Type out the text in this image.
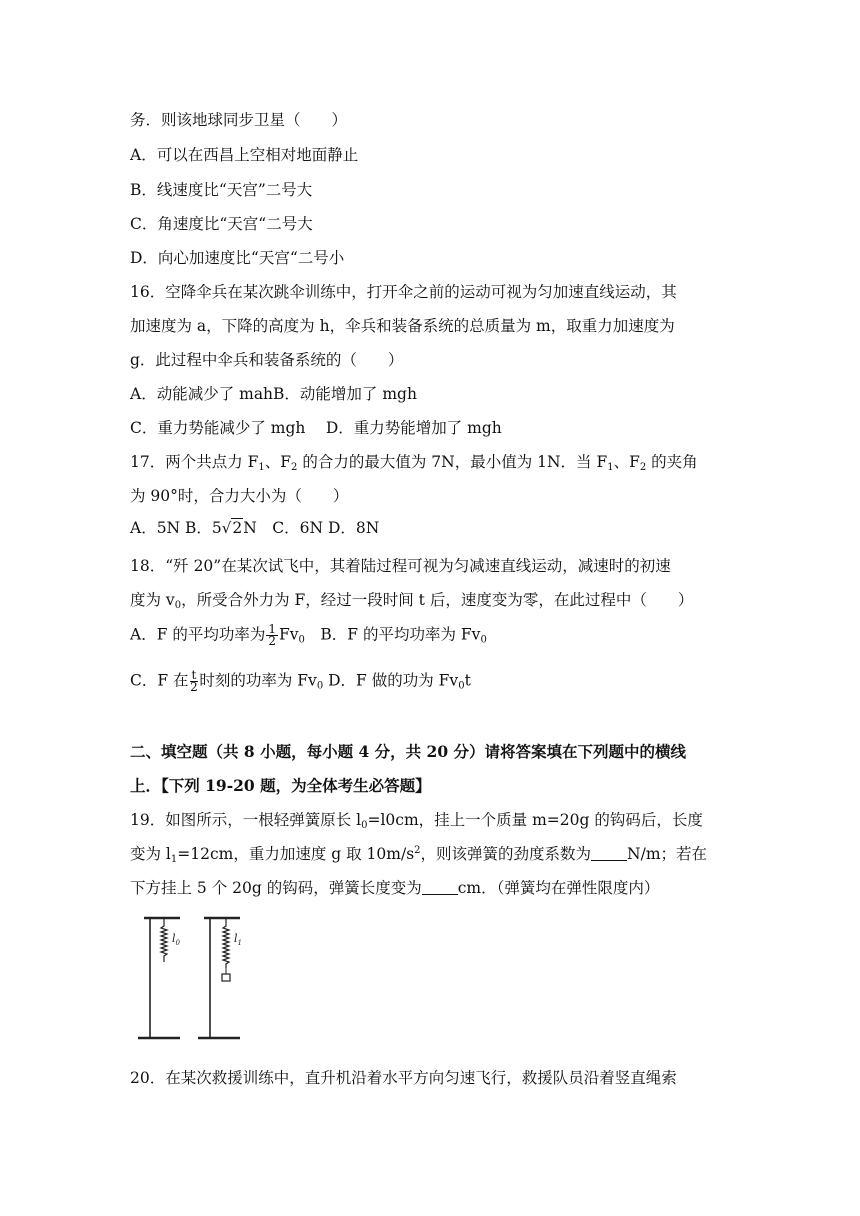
务．则该地球同步卫星（　　）
A．可以在西昌上空相对地面静止
B．线速度比“天宫”二号大
C．角速度比“天宫“二号大
D．向心加速度比“天宫“二号小
16．空降伞兵在某次跳伞训练中，打开伞之前的运动可视为匀加速直线运动，其
加速度为 a，下降的高度为 h，伞兵和装备系统的总质量为 m，取重力加速度为
g．此过程中伞兵和装备系统的（　　）
A．动能减少了 mahB．动能增加了 mgh
C．重力势能减少了 mgh　 D．重力势能增加了 mgh
17．两个共点力 $F_1$、$F_2$ 的合力的最大值为 7N，最小值为 1N．当 $F_1$、$F_2$ 的夹角
为 90°时，合力大小为（　　）
A．5N B．5√2N　C．6N D．8N
18．“歼 20”在某次试飞中，其着陆过程可视为匀减速直线运动，减速时的初速
度为 $v_0$，所受合外力为 F，经过一段时间 t 后，速度变为零，在此过程中（　　）
A．F 的平均功率为 $\frac{1}{2} Fv_0$　B．F 的平均功率为 $Fv_0$
C．F 在 $\frac{t}{2}$ 时刻的功率为 $Fv_0$ D．F 做的功为 $Fv_0t$
二、填空题（共 8 小题，每小题 4 分，共 20 分）请将答案填在下列题中的横线
上．【下列 19-20 题，为全体考生必答题】
19．如图所示，一根轻弹簧原长 $l_0=l0cm$，挂上一个质量 m=20g 的钩码后，长度
变为 $l_1=12cm$，重力加速度 g 取 $10m/s^2$，则该弹簧的劲度系数为 N/m；若在
下方挂上 5 个 20g 的钩码，弹簧长度变为 cm．（弹簧均在弹性限度内）
$l_0$	$l_1$
20．在某次救援训练中，直升机沿着水平方向匀速飞行，救援队员沿着竖直绳索
